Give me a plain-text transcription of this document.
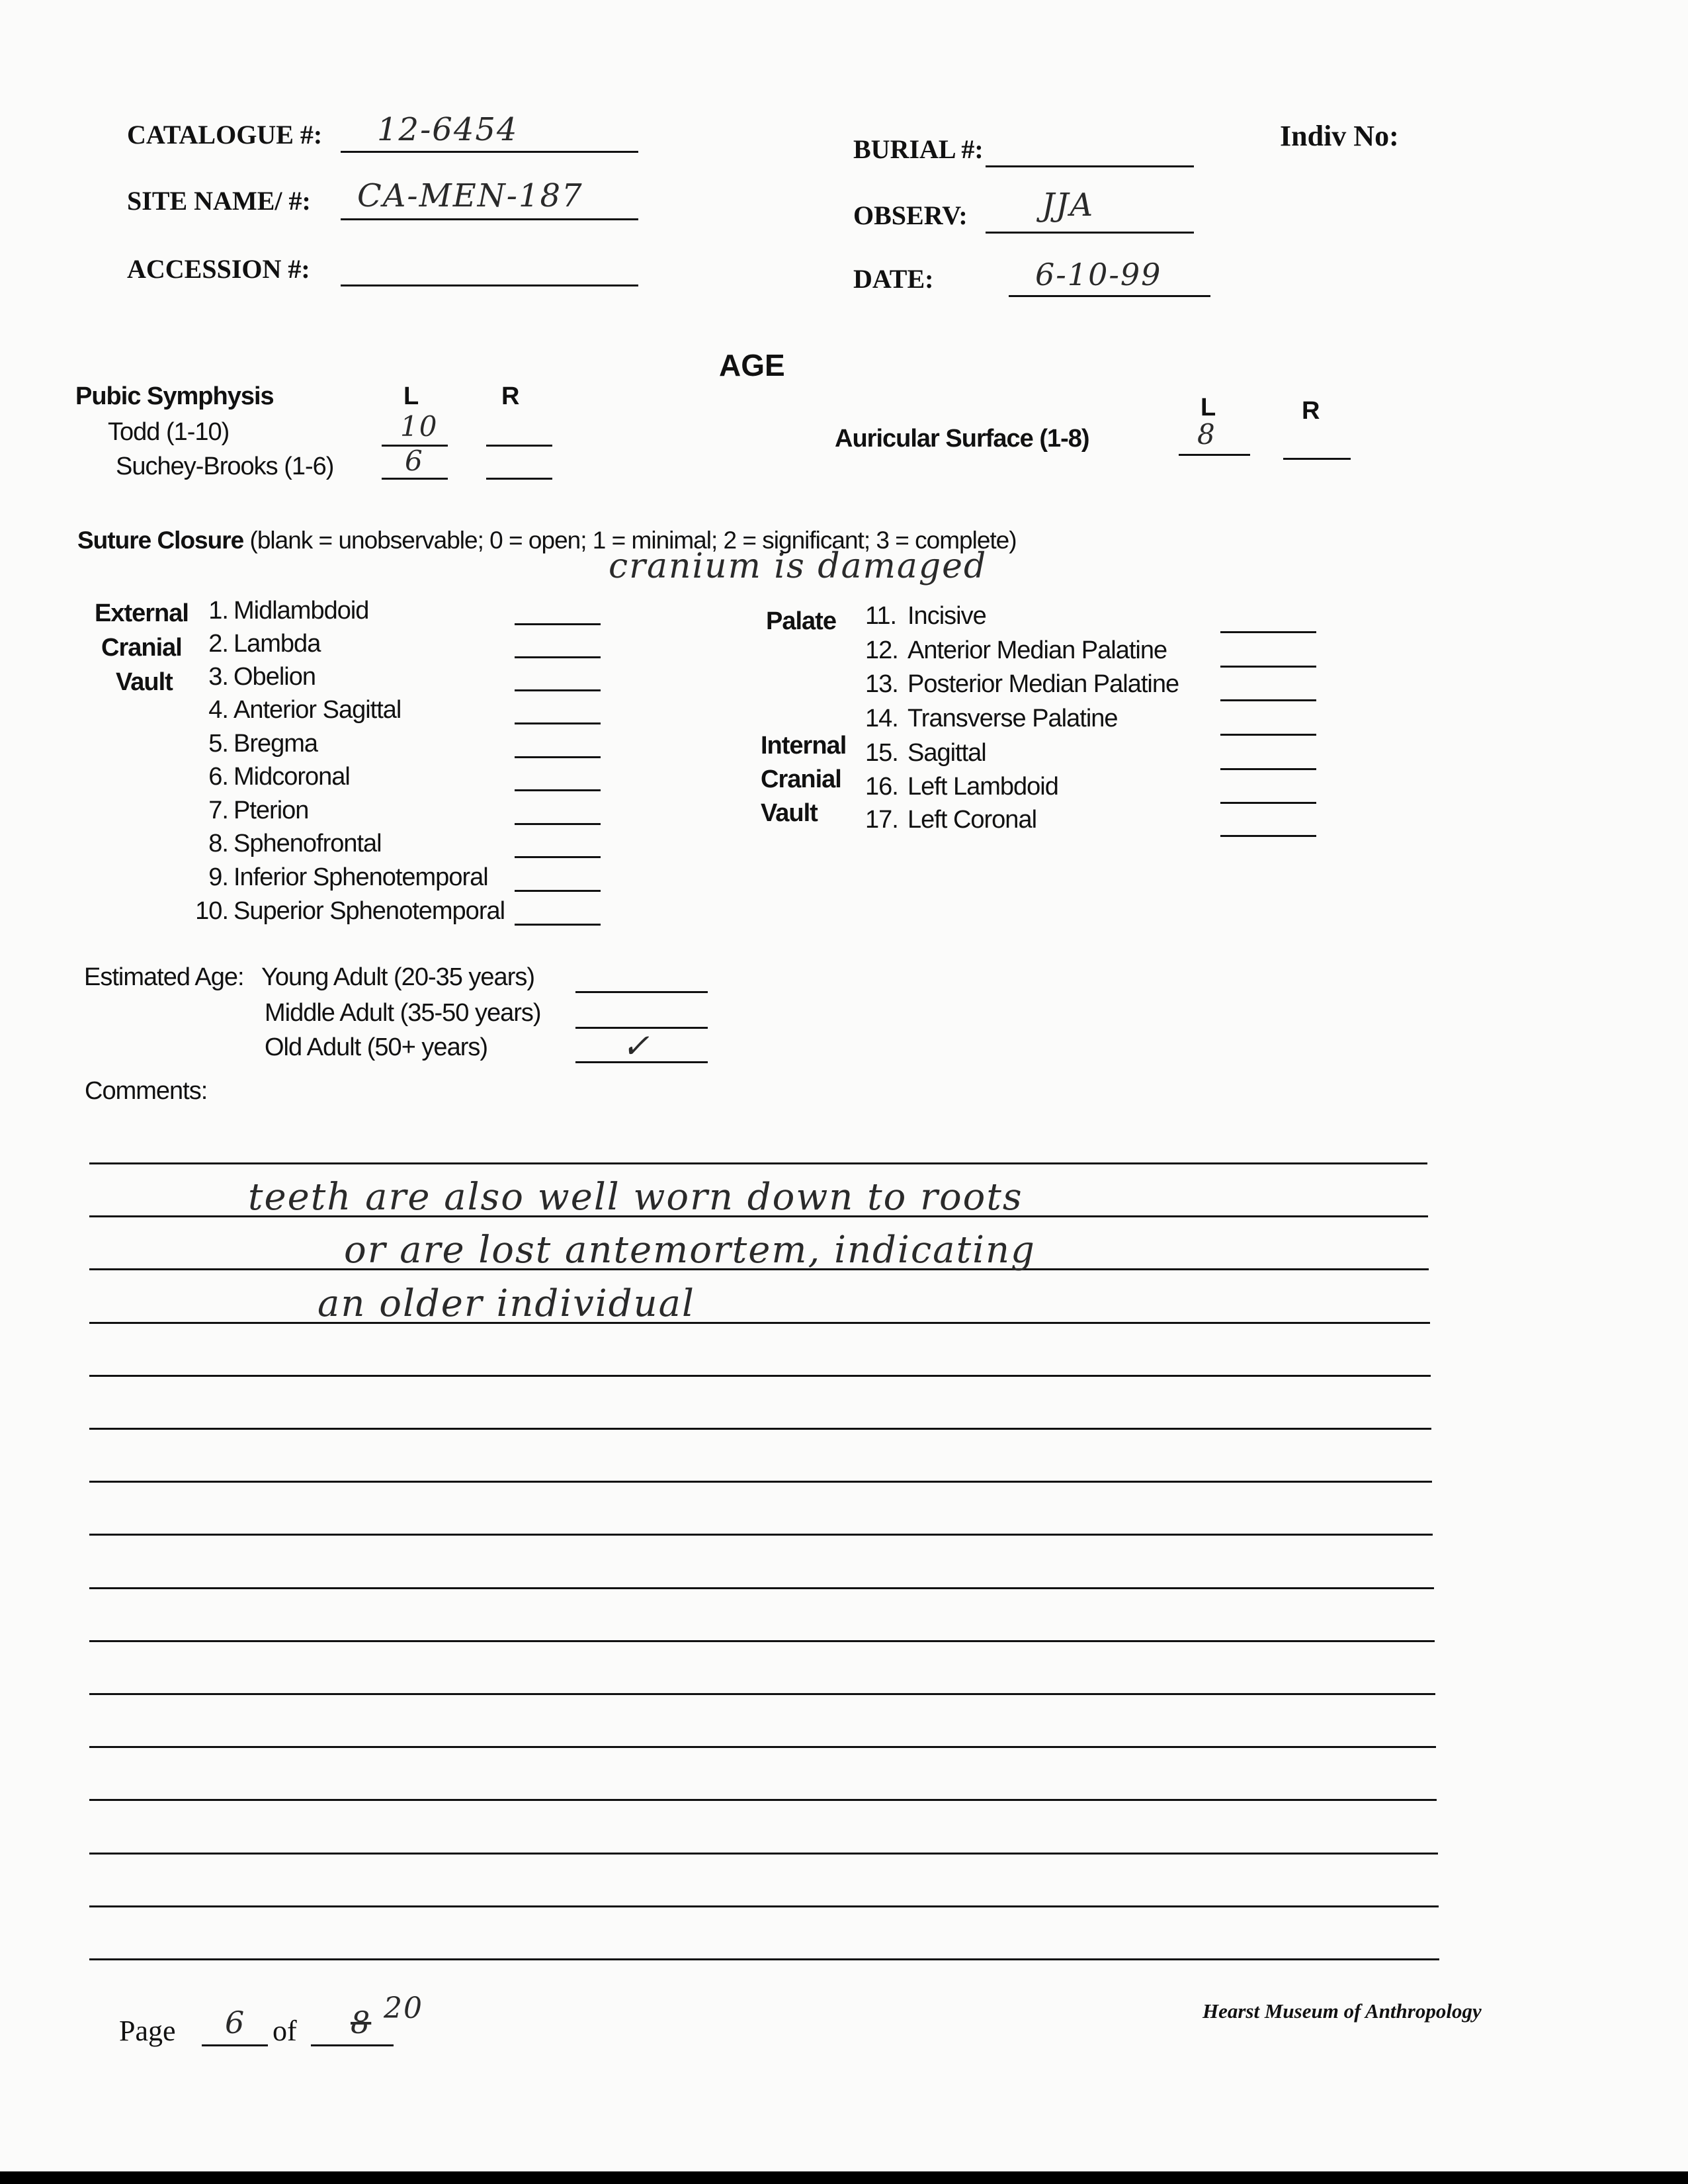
CATALOGUE #: 12-6454
SITE NAME/ #: CA-MEN-187
ACCESSION #:
BURIAL #:
OBSERV: JJA
DATE:	6-10-99
Indiv No:
AGE
Pubic Symphysis	L	R
Todd (1-10)	10
Suchey-Brooks (1-6)	6
L	R
Auricular Surface (1-8)	8
Suture Closure (blank = unobservable; 0 = open; 1 = minimal; 2 = significant; 3 = complete)
cranium is damaged
External
Cranial
Vault
1. Midlambdoid
2. Lambda
3. Obelion
4. Anterior Sagittal
5. Bregma
6. Midcoronal
7. Pterion
8. Sphenofrontal
9. Inferior Sphenotemporal
10. Superior Sphenotemporal
Palate
Internal
Cranial
Vault
11. Incisive
12. Anterior Median Palatine
13. Posterior Median Palatine
14. Transverse Palatine
15. Sagittal
16. Left Lambdoid
17. Left Coronal
Estimated Age: Young Adult (20-35 years)
Middle Adult (35-50 years)
Old Adult (50+ years)	✓
Comments:
teeth are also well worn down to roots
or are lost antemortem, indicating
an older individual
Page 6 of 8 20	Hearst Museum of Anthropology
